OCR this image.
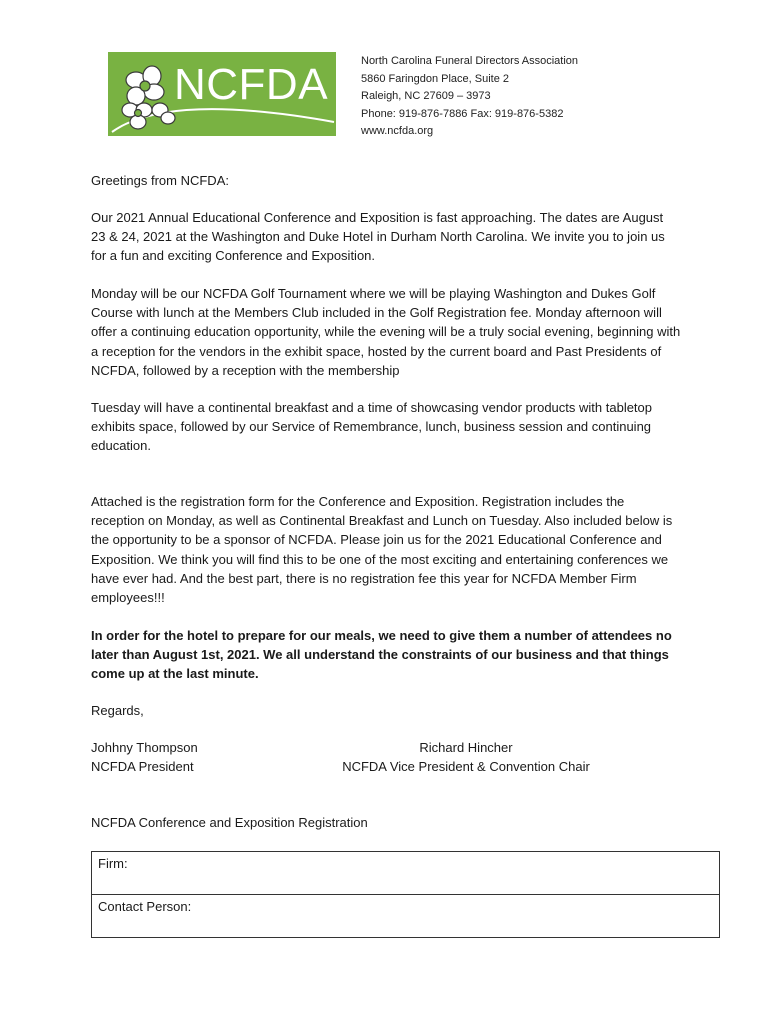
NCFDA	North Carolina Funeral Directors Association
5860 Faringdon Place, Suite 2
Raleigh, NC 27609 – 3973
Phone: 919-876-7886 Fax: 919-876-5382
www.ncfda.org

Greetings from NCFDA:

Our 2021 Annual Educational Conference and Exposition is fast approaching. The dates are August 23 & 24, 2021 at the Washington and Duke Hotel in Durham North Carolina. We invite you to join us for a fun and exciting Conference and Exposition.

Monday will be our NCFDA Golf Tournament where we will be playing Washington and Dukes Golf Course with lunch at the Members Club included in the Golf Registration fee. Monday afternoon will offer a continuing education opportunity, while the evening will be a truly social evening, beginning with a reception for the vendors in the exhibit space, hosted by the current board and Past Presidents of NCFDA, followed by a reception with the membership

Tuesday will have a continental breakfast and a time of showcasing vendor products with tabletop exhibits space, followed by our Service of Remembrance, lunch, business session and continuing education.

Attached is the registration form for the Conference and Exposition. Registration includes the reception on Monday, as well as Continental Breakfast and Lunch on Tuesday. Also included below is the opportunity to be a sponsor of NCFDA. Please join us for the 2021 Educational Conference and Exposition. We think you will find this to be one of the most exciting and entertaining conferences we have ever had. And the best part, there is no registration fee this year for NCFDA Member Firm employees!!!

In order for the hotel to prepare for our meals, we need to give them a number of attendees no later than August 1st, 2021. We all understand the constraints of our business and that things come up at the last minute.

Regards,

Johhny Thompson
NCFDA President
Richard Hincher
NCFDA Vice President & Convention Chair
NCFDA Conference and Exposition Registration
Firm:
Contact Person:
